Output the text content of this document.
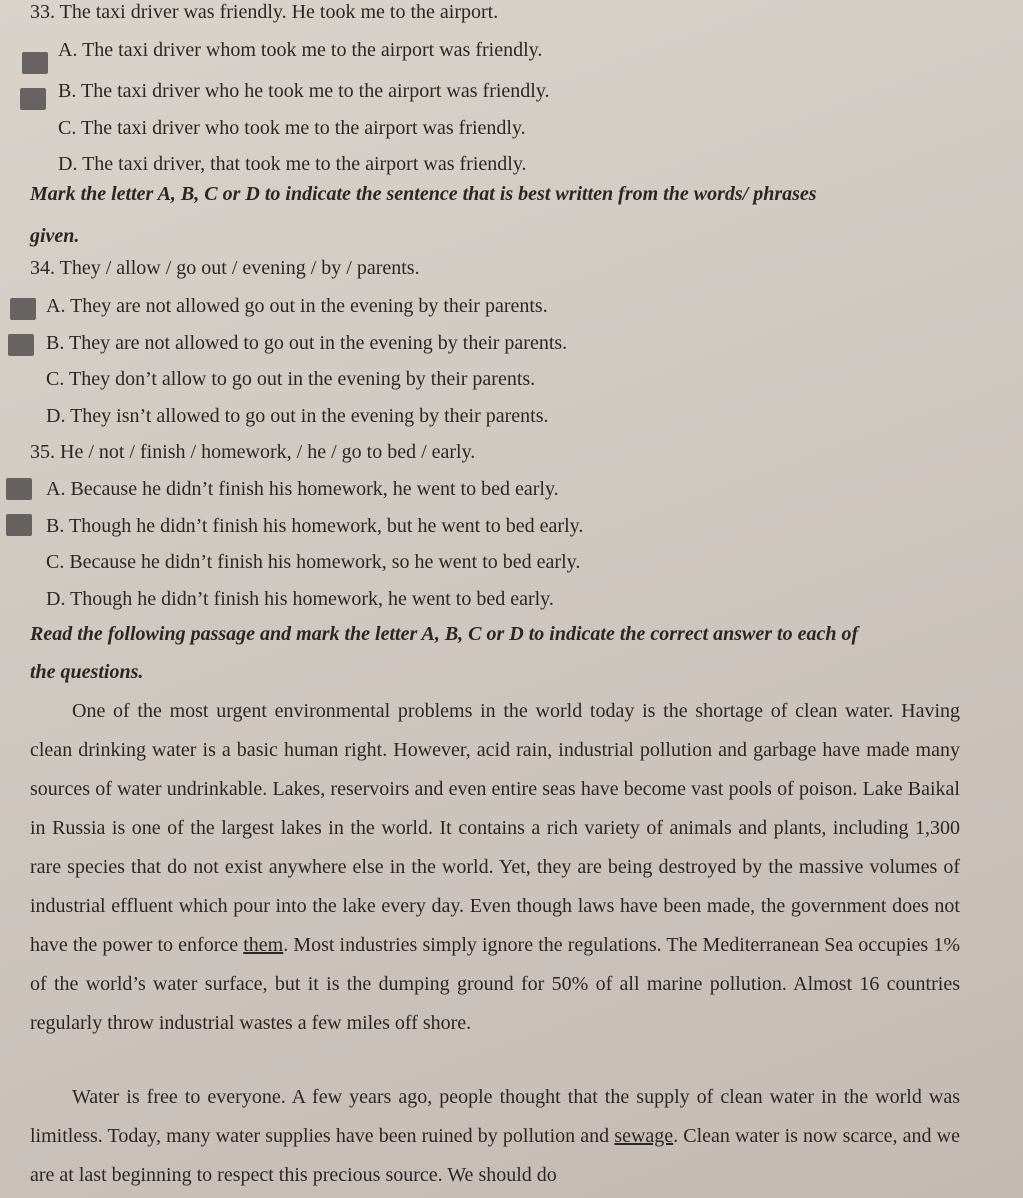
33. The taxi driver was friendly. He took me to the airport.
A. The taxi driver whom took me to the airport was friendly.
B. The taxi driver who he took me to the airport was friendly.
C. The taxi driver who took me to the airport was friendly.
D. The taxi driver, that took me to the airport was friendly.
Mark the letter A, B, C or D to indicate the sentence that is best written from the words/ phrases
given.
34. They / allow / go out / evening / by / parents.
A. They are not allowed go out in the evening by their parents.
B. They are not allowed to go out in the evening by their parents.
C. They don’t allow to go out in the evening by their parents.
D. They isn’t allowed to go out in the evening by their parents.
35. He / not / finish / homework, / he / go to bed / early.
A. Because he didn’t finish his homework, he went to bed early.
B. Though he didn’t finish his homework, but he went to bed early.
C. Because he didn’t finish his homework, so he went to bed early.
D. Though he didn’t finish his homework, he went to bed early.
Read the following passage and mark the letter A, B, C or D to indicate the correct answer to each of
the questions.
One of the most urgent environmental problems in the world today is the shortage of clean water. Having clean drinking water is a basic human right. However, acid rain, industrial pollution and garbage have made many sources of water undrinkable. Lakes, reservoirs and even entire seas have become vast pools of poison. Lake Baikal in Russia is one of the largest lakes in the world. It contains a rich variety of animals and plants, including 1,300 rare species that do not exist anywhere else in the world. Yet, they are being destroyed by the massive volumes of industrial effluent which pour into the lake every day. Even though laws have been made, the government does not have the power to enforce them. Most industries simply ignore the regulations. The Mediterranean Sea occupies 1% of the world’s water surface, but it is the dumping ground for 50% of all marine pollution. Almost 16 countries regularly throw industrial wastes a few miles off shore.
Water is free to everyone. A few years ago, people thought that the supply of clean water in the world was limitless. Today, many water supplies have been ruined by pollution and sewage. Clean water is now scarce, and we are at last beginning to respect this precious source. We should do
